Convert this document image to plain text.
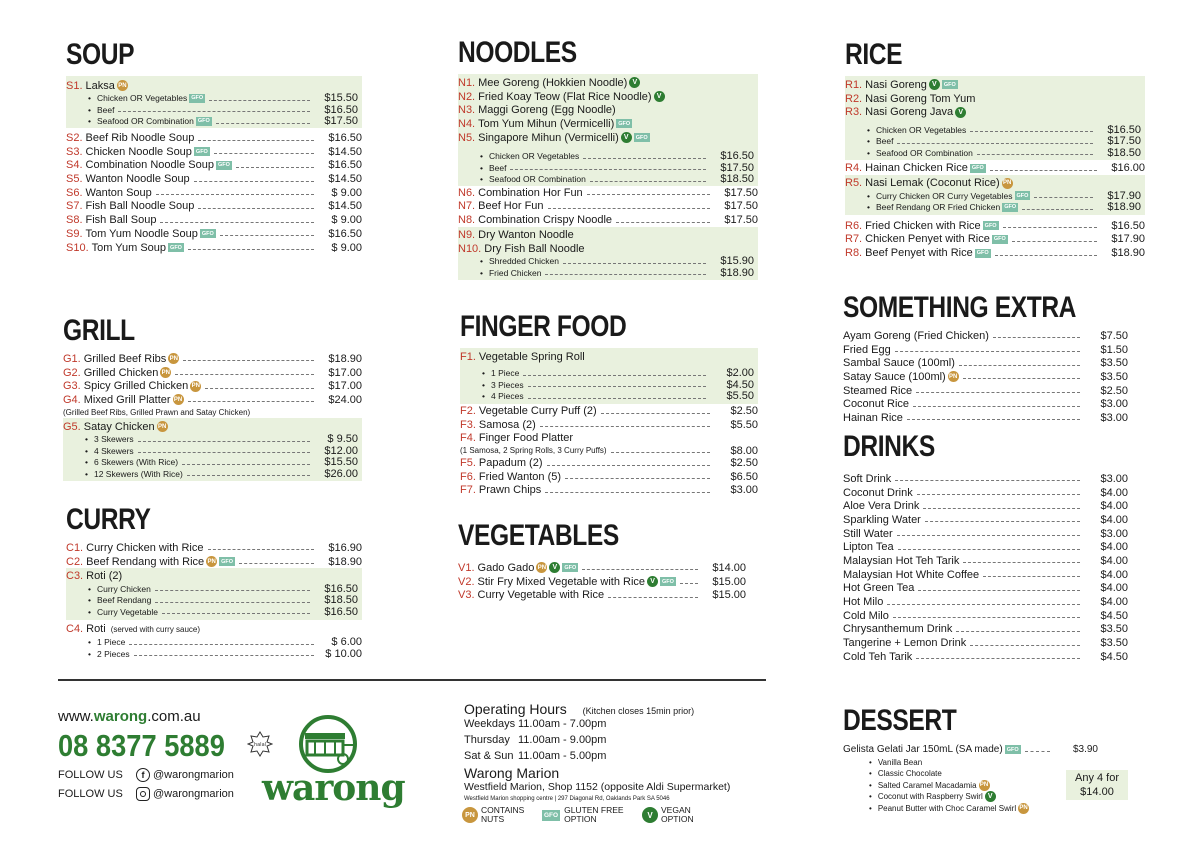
SOUP
S1. Laksa PN
• Chicken OR Vegetables GFO	$15.50
• Beef	$16.50
• Seafood OR Combination GFO	$17.50
S2. Beef Rib Noodle Soup	$16.50
S3. Chicken Noodle Soup GFO	$14.50
S4. Combination Noodle Soup GFO	$16.50
S5. Wanton Noodle Soup	$14.50
S6. Wanton Soup	$ 9.00
S7. Fish Ball Noodle Soup	$14.50
S8. Fish Ball Soup	$ 9.00
S9. Tom Yum Noodle Soup GFO	$16.50
S10. Tom Yum Soup GFO	$ 9.00
GRILL
G1. Grilled Beef Ribs PN	$18.90
G2. Grilled Chicken PN	$17.00
G3. Spicy Grilled Chicken PN	$17.00
G4. Mixed Grill Platter PN	$24.00
(Grilled Beef Ribs, Grilled Prawn and Satay Chicken)
G5. Satay Chicken PN
• 3 Skewers	$ 9.50
• 4 Skewers	$12.00
• 6 Skewers (With Rice)	$15.50
• 12 Skewers (With Rice)	$26.00
CURRY
C1. Curry Chicken with Rice	$16.90
C2. Beef Rendang with Rice PN GFO	$18.90
C3. Roti (2)
• Curry Chicken	$16.50
• Beef Rendang	$18.50
• Curry Vegetable	$16.50
C4. Roti (served with curry sauce)
• 1 Piece	$ 6.00
• 2 Pieces	$ 10.00
NOODLES
N1. Mee Goreng (Hokkien Noodle) V
N2. Fried Koay Teow (Flat Rice Noodle) V
N3. Maggi Goreng (Egg Noodle)
N4. Tom Yum Mihun (Vermicelli) GFO
N5. Singapore Mihun (Vermicelli) V	GFO
• Chicken OR Vegetables	$16.50
• Beef	$17.50
• Seafood OR Combination	$18.50
N6. Combination Hor Fun	$17.50
N7. Beef Hor Fun	$17.50
N8. Combination Crispy Noodle	$17.50
N9. Dry Wanton Noodle
N10. Dry Fish Ball Noodle
• Shredded Chicken	$15.90
• Fried Chicken	$18.90
FINGER FOOD
F1. Vegetable Spring Roll
• 1 Piece	$2.00
• 3 Pieces	$4.50
• 4 Pieces	$5.50
F2. Vegetable Curry Puff (2)	$2.50
F3. Samosa (2)	$5.50
F4. Finger Food Platter
(1 Samosa, 2 Spring Rolls, 3 Curry Puffs)	$8.00
F5. Papadum (2)	$2.50
F6. Fried Wanton (5)	$6.50
F7. Prawn Chips	$3.00
VEGETABLES
V1. Gado Gado PN V	GFO	$14.00
V2. Stir Fry Mixed Vegetable with Rice V	GFO	$15.00
V3. Curry Vegetable with Rice	$15.00
RICE
R1. Nasi Goreng V	GFO
R2. Nasi Goreng Tom Yum
R3. Nasi Goreng Java V
• Chicken OR Vegetables	$16.50
• Beef	$17.50
• Seafood OR Combination	$18.50
R4. Hainan Chicken Rice GFO	$16.00
R5. Nasi Lemak (Coconut Rice) PN
• Curry Chicken OR Curry Vegetables GFO	$17.90
• Beef Rendang OR Fried Chicken GFO	$18.90
R6. Fried Chicken with Rice GFO	$16.50
R7. Chicken Penyet with Rice GFO	$17.90
R8. Beef Penyet with Rice GFO	$18.90
SOMETHING EXTRA
Ayam Goreng (Fried Chicken)	$7.50
Fried Egg	$1.50
Sambal Sauce (100ml)	$3.50
Satay Sauce (100ml) PN	$3.50
Steamed Rice	$2.50
Coconut Rice	$3.00
Hainan Rice	$3.00
DRINKS
Soft Drink	$3.00
Coconut Drink	$4.00
Aloe Vera Drink	$4.00
Sparkling Water	$4.00
Still Water	$3.00
Lipton Tea	$4.00
Malaysian Hot Teh Tarik	$4.00
Malaysian Hot White Coffee	$4.00
Hot Green Tea	$4.00
Hot Milo	$4.00
Cold Milo	$4.50
Chrysanthemum Drink	$3.50
Tangerine + Lemon Drink	$3.50
Cold Teh Tarik	$4.50
DESSERT
Gelista Gelati Jar 150mL (SA made) GFO	$3.90
• Vanilla Bean
• Classic Chocolate
• Salted Caramel Macadamia PN
• Coconut with Raspberry Swirl V
• Peanut Butter with Choc Caramel Swirl PN
Any 4 for
$14.00
www.warong.com.au
08 8377 5889
FOLLOW US	f @warongmarion
FOLLOW US	@warongmarion
halal
warong
Operating Hours (Kitchen closes 15min prior)
Weekdays 11.00am - 7.00pm
Thursday 11.00am - 9.00pm
Sat & Sun 11.00am - 5.00pm
Warong Marion
Westfield Marion, Shop 1152 (opposite Aldi Supermarket)
Westfield Marion shopping centre | 297 Diagonal Rd, Oaklands Park SA 5046
PN CONTAINS NUTS	GFO GLUTEN FREE OPTION	V VEGAN OPTION
